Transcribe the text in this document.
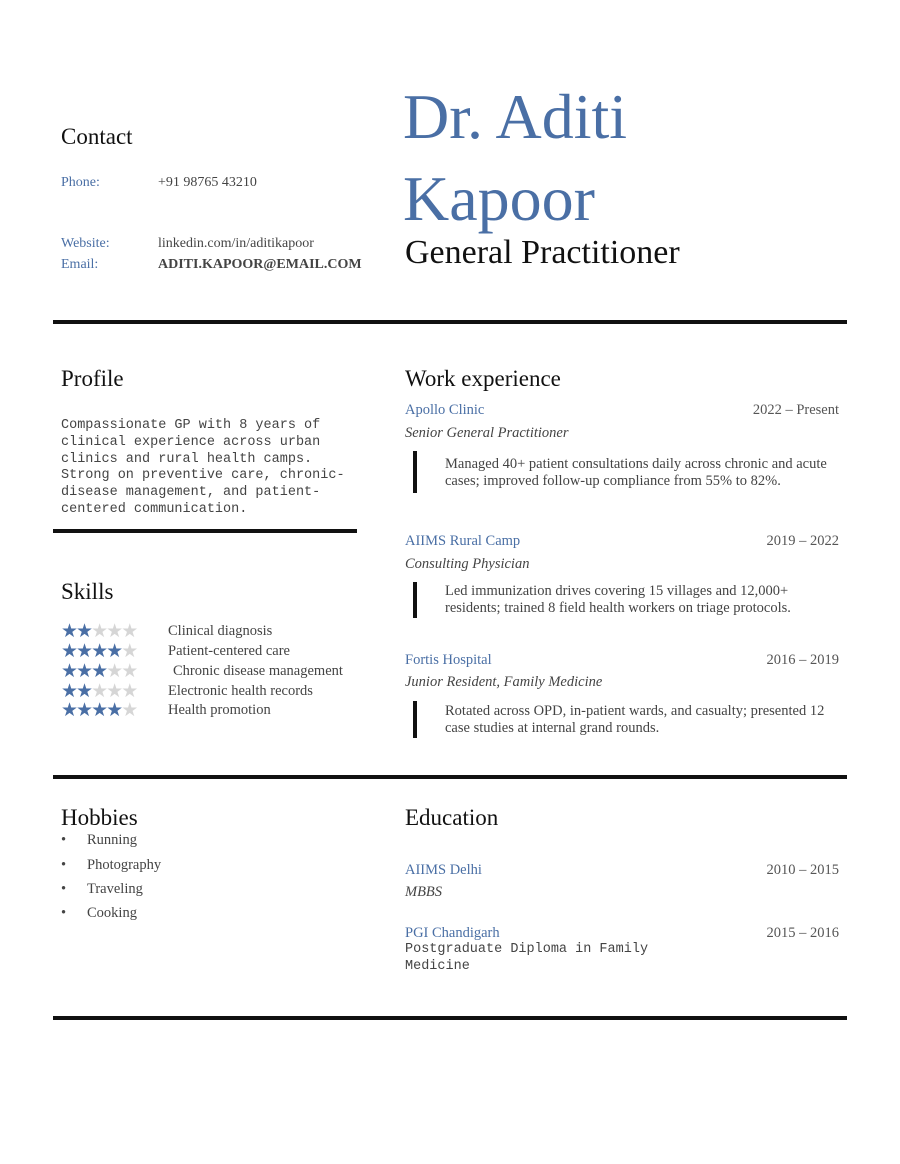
Contact
Phone:	+91 98765 43210
Website:	linkedin.com/in/aditikapoor
Email:	ADITI.KAPOOR@EMAIL.COM
Dr. Aditi
Kapoor
General Practitioner
Profile
Compassionate GP with 8 years of clinical experience across urban clinics and rural health camps. Strong on preventive care, chronic-disease management, and patient-centered communication.
Skills
★★★★★	Clinical diagnosis
★★★★★	Patient-centered care
★★★★★	Chronic disease management
★★★★★	Electronic health records
★★★★★	Health promotion
Work experience
Apollo Clinic	2022 – Present
Senior General Practitioner
Managed 40+ patient consultations daily across chronic and acute cases; improved follow-up compliance from 55% to 82%.
AIIMS Rural Camp	2019 – 2022
Consulting Physician
Led immunization drives covering 15 villages and 12,000+ residents; trained 8 field health workers on triage protocols.
Fortis Hospital	2016 – 2019
Junior Resident, Family Medicine
Rotated across OPD, in-patient wards, and casualty; presented 12 case studies at internal grand rounds.
Hobbies
•	Running
•	Photography
•	Traveling
•	Cooking
Education
AIIMS Delhi	2010 – 2015
MBBS
PGI Chandigarh	2015 – 2016
Postgraduate Diploma in Family Medicine
